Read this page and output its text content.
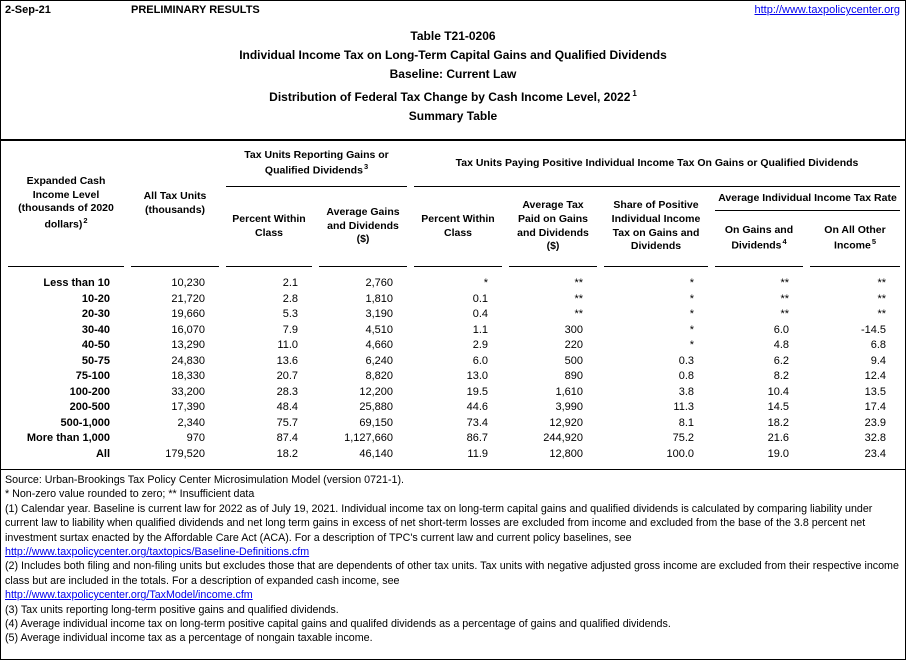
2-Sep-21	PRELIMINARY RESULTS	http://www.taxpolicycenter.org
Table T21-0206
Individual Income Tax on Long-Term Capital Gains and Qualified Dividends
Baseline: Current Law
Distribution of Federal Tax Change by Cash Income Level, 2022 $^1$
Summary Table
Expanded Cash Income Level (thousands of 2020 dollars)$^2$	All Tax Units (thousands)	Tax Units Reporting Gains or Qualified Dividends$^3$		Tax Units Paying Positive Individual Income Tax On Gains or Qualified Dividends				
		Percent Within Class	Average Gains and Dividends ($)	Percent Within Class	Average Tax Paid on Gains and Dividends ($)	Share of Positive Individual Income Tax on Gains and Dividends	Average Individual Income Tax Rate	
							On Gains and Dividends$^4$	On All Other Income$^5$
Less than 10	10,230	2.1	2,760	*	**	*	**	**
10-20	21,720	2.8	1,810	0.1	**	*	**	**
20-30	19,660	5.3	3,190	0.4	**	*	**	**
30-40	16,070	7.9	4,510	1.1	300	*	6.0	-14.5
40-50	13,290	11.0	4,660	2.9	220	*	4.8	6.8
50-75	24,830	13.6	6,240	6.0	500	0.3	6.2	9.4
75-100	18,330	20.7	8,820	13.0	890	0.8	8.2	12.4
100-200	33,200	28.3	12,200	19.5	1,610	3.8	10.4	13.5
200-500	17,390	48.4	25,880	44.6	3,990	11.3	14.5	17.4
500-1,000	2,340	75.7	69,150	73.4	12,920	8.1	18.2	23.9
More than 1,000	970	87.4	1,127,660	86.7	244,920	75.2	21.6	32.8
All	179,520	18.2	46,140	11.9	12,800	100.0	19.0	23.4
Source: Urban-Brookings Tax Policy Center Microsimulation Model (version 0721-1).
* Non-zero value rounded to zero; ** Insufficient data
(1) Calendar year. Baseline is current law for 2022 as of July 19, 2021. Individual income tax on long-term capital gains and qualified dividends is calculated by comparing liability under current law to liability when qualified dividends and net long term gains in excess of net short-term losses are excluded from income and excluded from the base of the 3.8 percent net investment surtax enacted by the Affordable Care Act (ACA). For a description of TPC's current law and current policy baselines, see
http://www.taxpolicycenter.org/taxtopics/Baseline-Definitions.cfm
(2) Includes both filing and non-filing units but excludes those that are dependents of other tax units. Tax units with negative adjusted gross income are excluded from their respective income class but are included in the totals. For a description of expanded cash income, see
http://www.taxpolicycenter.org/TaxModel/income.cfm
(3) Tax units reporting long-term positive gains and qualified dividends.
(4) Average individual income tax on long-term positive capital gains and qualifed dividends as a percentage of gains and qualified dividends.
(5) Average individual income tax as a percentage of nongain taxable income.
